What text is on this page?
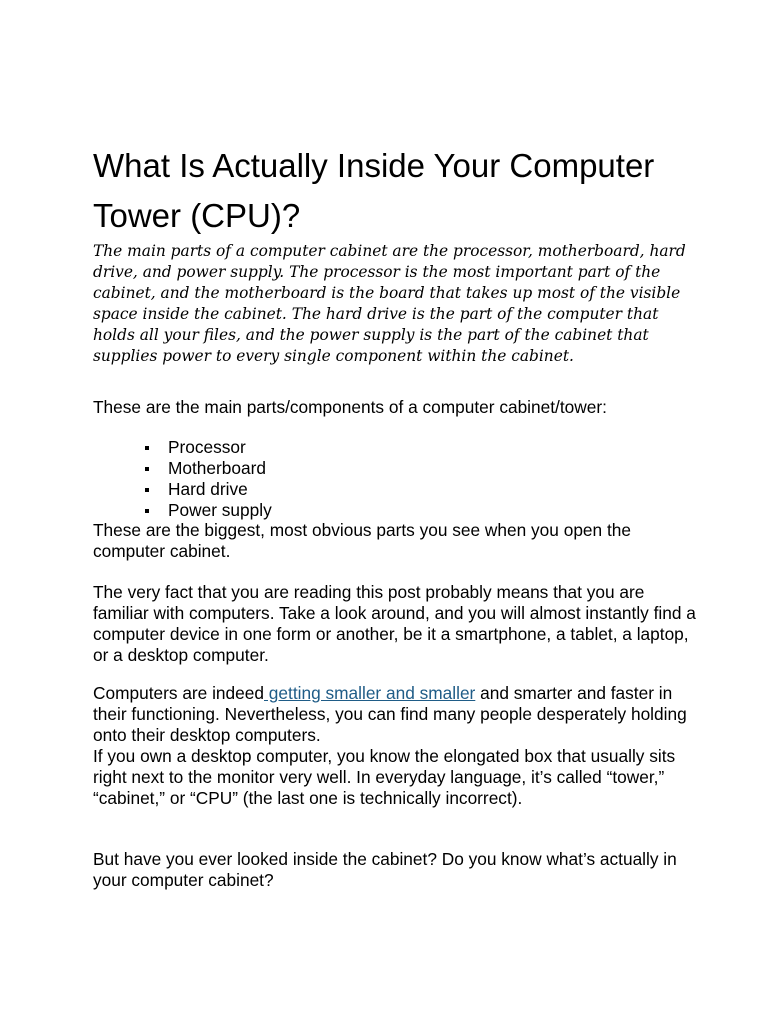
What Is Actually Inside Your Computer Tower (CPU)?

The main parts of a computer cabinet are the processor, motherboard, hard drive, and power supply. The processor is the most important part of the cabinet, and the motherboard is the board that takes up most of the visible space inside the cabinet. The hard drive is the part of the computer that holds all your files, and the power supply is the part of the cabinet that supplies power to every single component within the cabinet.

These are the main parts/components of a computer cabinet/tower:

Processor
Motherboard
Hard drive
Power supply

These are the biggest, most obvious parts you see when you open the computer cabinet.

The very fact that you are reading this post probably means that you are familiar with computers. Take a look around, and you will almost instantly find a computer device in one form or another, be it a smartphone, a tablet, a laptop, or a desktop computer.

Computers are indeed getting smaller and smaller and smarter and faster in their functioning. Nevertheless, you can find many people desperately holding onto their desktop computers.

If you own a desktop computer, you know the elongated box that usually sits right next to the monitor very well. In everyday language, it’s called “tower,” “cabinet,” or “CPU” (the last one is technically incorrect).

But have you ever looked inside the cabinet? Do you know what’s actually in your computer cabinet?
